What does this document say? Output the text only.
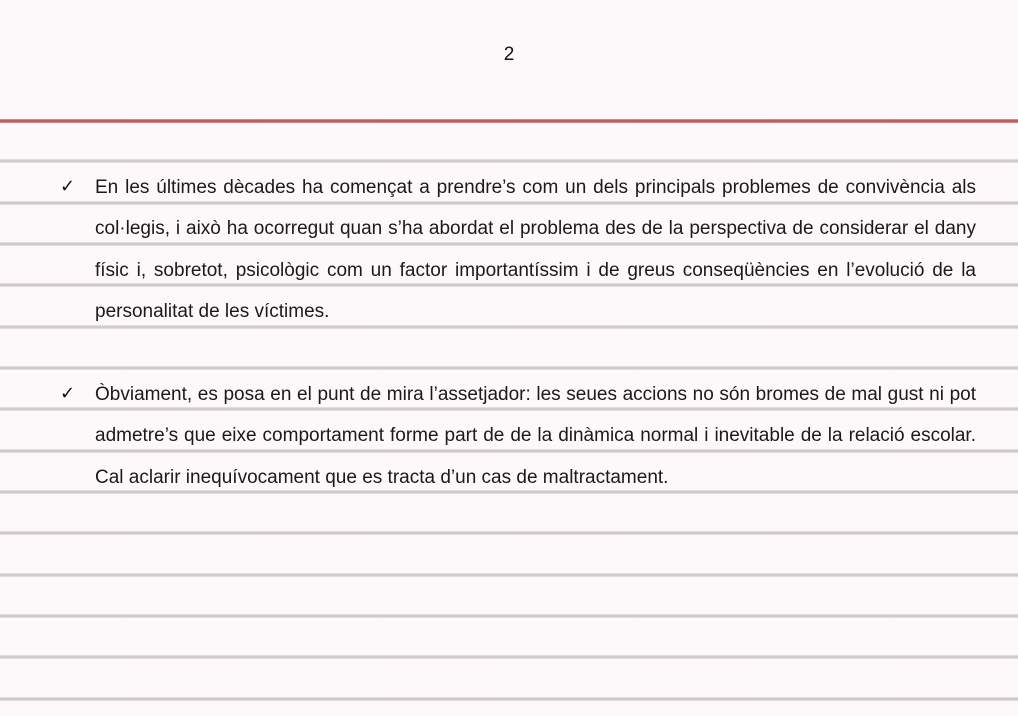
2
✓ En les últimes dècades ha començat a prendre’s com un dels principals problemes de convivència als col·legis, i això ha ocorregut quan s’ha abordat el problema des de la perspectiva de considerar el dany físic i, sobretot, psicològic com un factor importantíssim i de greus conseqüències en l’evolució de la personalitat de les víctimes.
✓ Òbviament, es posa en el punt de mira l’assetjador: les seues accions no són bromes de mal gust ni pot admetre’s que eixe comportament forme part de de la dinàmica normal i inevitable de la relació escolar. Cal aclarir inequívocament que es tracta d’un cas de maltractament.
